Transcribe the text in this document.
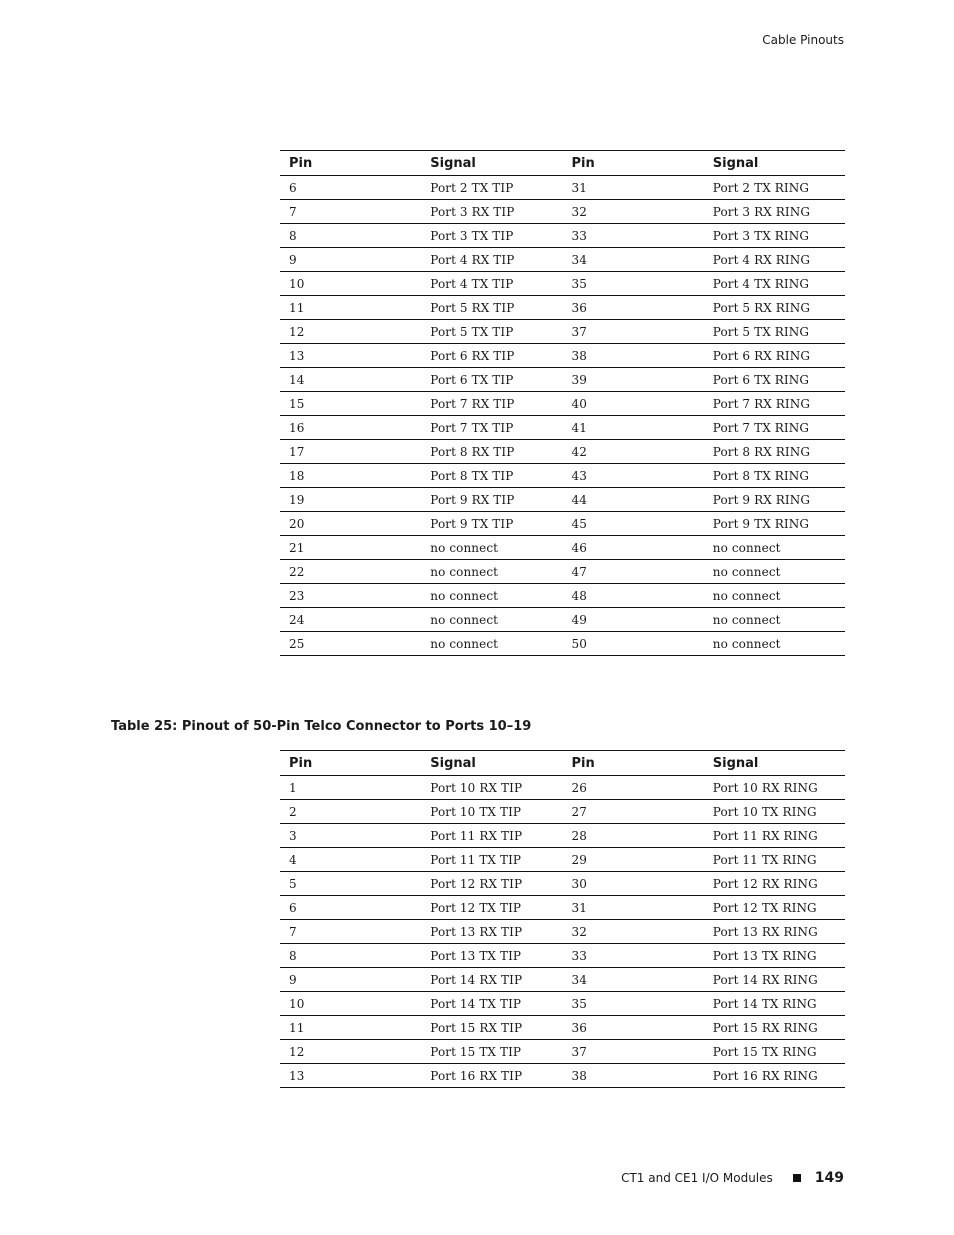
Cable Pinouts
Pin	Signal	Pin	Signal
6	Port 2 TX TIP	31	Port 2 TX RING
7	Port 3 RX TIP	32	Port 3 RX RING
8	Port 3 TX TIP	33	Port 3 TX RING
9	Port 4 RX TIP	34	Port 4 RX RING
10	Port 4 TX TIP	35	Port 4 TX RING
11	Port 5 RX TIP	36	Port 5 RX RING
12	Port 5 TX TIP	37	Port 5 TX RING
13	Port 6 RX TIP	38	Port 6 RX RING
14	Port 6 TX TIP	39	Port 6 TX RING
15	Port 7 RX TIP	40	Port 7 RX RING
16	Port 7 TX TIP	41	Port 7 TX RING
17	Port 8 RX TIP	42	Port 8 RX RING
18	Port 8 TX TIP	43	Port 8 TX RING
19	Port 9 RX TIP	44	Port 9 RX RING
20	Port 9 TX TIP	45	Port 9 TX RING
21	no connect	46	no connect
22	no connect	47	no connect
23	no connect	48	no connect
24	no connect	49	no connect
25	no connect	50	no connect
Table 25: Pinout of 50-Pin Telco Connector to Ports 10–19
Pin	Signal	Pin	Signal
1	Port 10 RX TIP	26	Port 10 RX RING
2	Port 10 TX TIP	27	Port 10 TX RING
3	Port 11 RX TIP	28	Port 11 RX RING
4	Port 11 TX TIP	29	Port 11 TX RING
5	Port 12 RX TIP	30	Port 12 RX RING
6	Port 12 TX TIP	31	Port 12 TX RING
7	Port 13 RX TIP	32	Port 13 RX RING
8	Port 13 TX TIP	33	Port 13 TX RING
9	Port 14 RX TIP	34	Port 14 RX RING
10	Port 14 TX TIP	35	Port 14 TX RING
11	Port 15 RX TIP	36	Port 15 RX RING
12	Port 15 TX TIP	37	Port 15 TX RING
13	Port 16 RX TIP	38	Port 16 RX RING
CT1 and CE1 I/O Modules	149
